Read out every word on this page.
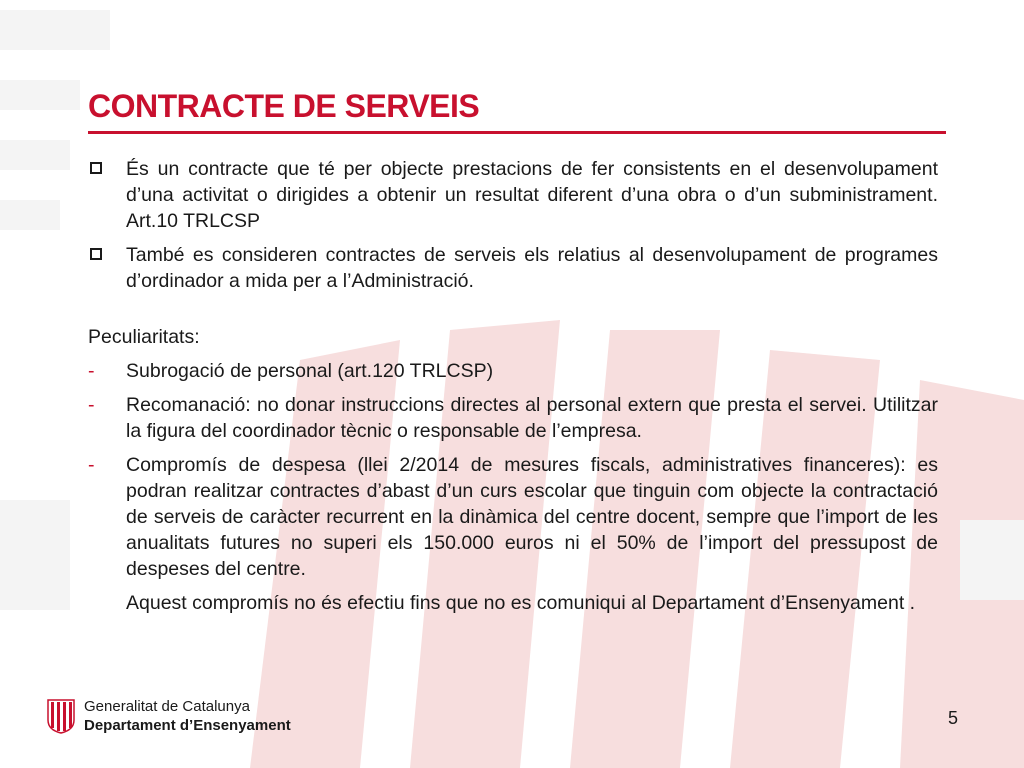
CONTRACTE DE SERVEIS
És un contracte que té per objecte prestacions de fer consistents en el desenvolupament d’una activitat o dirigides a obtenir un resultat diferent d’una obra o d’un subministrament. Art.10 TRLCSP
També es consideren contractes de serveis els relatius al desenvolupament de programes d’ordinador a mida per a l’Administració.
Peculiaritats:
- Subrogació de personal (art.120 TRLCSP)
- Recomanació: no donar instruccions directes al personal extern que presta el servei. Utilitzar la figura del coordinador tècnic o responsable de l’empresa.
- Compromís de despesa (llei 2/2014 de mesures fiscals, administratives financeres): es podran realitzar contractes d’abast d’un curs escolar que tinguin com objecte la contractació de serveis de caràcter recurrent en la dinàmica del centre docent, sempre que l’import de les anualitats futures no superi els 150.000 euros ni el 50% de l’import del pressupost de despeses del centre.
Aquest compromís no és efectiu fins que no es comuniqui al Departament d’Ensenyament .
Generalitat de Catalunya
Departament d’Ensenyament	5
